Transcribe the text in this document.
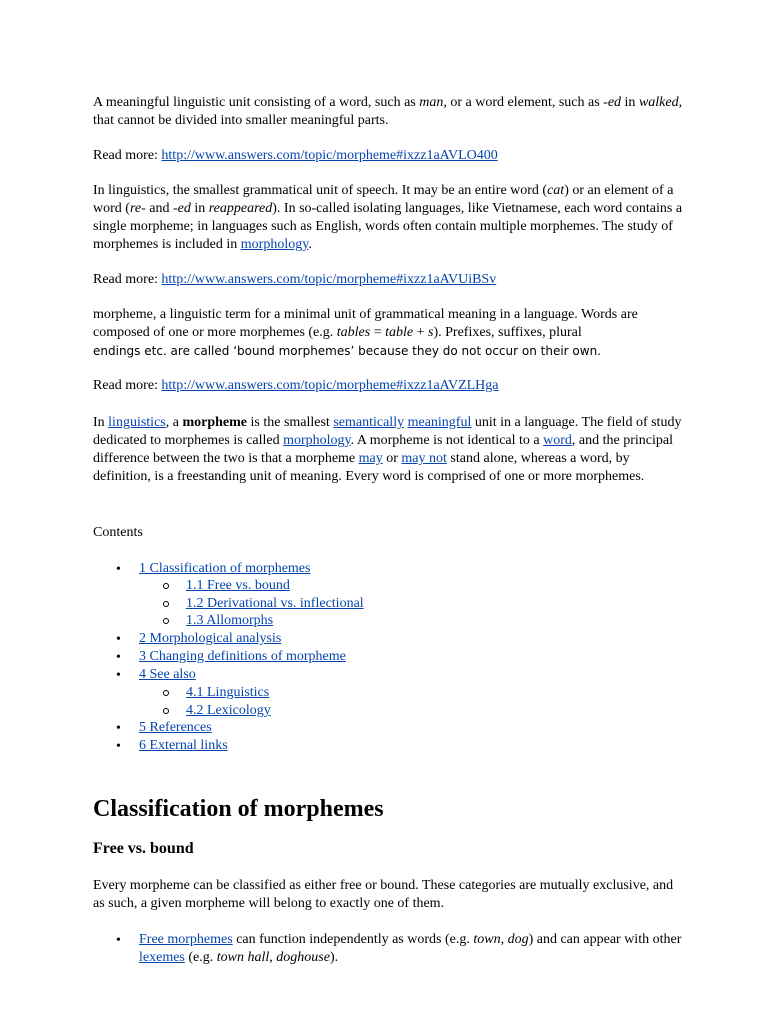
A meaningful linguistic unit consisting of a word, such as man, or a word element, such as -ed in walked, that cannot be divided into smaller meaningful parts.

Read more: http://www.answers.com/topic/morpheme#ixzz1aAVLO400

In linguistics, the smallest grammatical unit of speech. It may be an entire word (cat) or an element of a word (re- and -ed in reappeared). In so-called isolating languages, like Vietnamese, each word contains a single morpheme; in languages such as English, words often contain multiple morphemes. The study of morphemes is included in morphology.

Read more: http://www.answers.com/topic/morpheme#ixzz1aAVUiBSv

morpheme, a linguistic term for a minimal unit of grammatical meaning in a language. Words are composed of one or more morphemes (e.g. tables = table + s). Prefixes, suffixes, plural
endings etc. are called ‘bound morphemes’ because they do not occur on their own.

Read more: http://www.answers.com/topic/morpheme#ixzz1aAVZLHga

In linguistics, a morpheme is the smallest semantically meaningful unit in a language. The field of study dedicated to morphemes is called morphology. A morpheme is not identical to a word, and the principal difference between the two is that a morpheme may or may not stand alone, whereas a word, by definition, is a freestanding unit of meaning. Every word is comprised of one or more morphemes.

Contents
• 1 Classification of morphemes
1.1 Free vs. bound
1.2 Derivational vs. inflectional
1.3 Allomorphs
• 2 Morphological analysis
• 3 Changing definitions of morpheme
• 4 See also
4.1 Linguistics
4.2 Lexicology
• 5 References
• 6 External links
Classification of morphemes
Free vs. bound

Every morpheme can be classified as either free or bound. These categories are mutually exclusive, and as such, a given morpheme will belong to exactly one of them.

• Free morphemes can function independently as words (e.g. town, dog) and can appear with other lexemes (e.g. town hall, doghouse).
